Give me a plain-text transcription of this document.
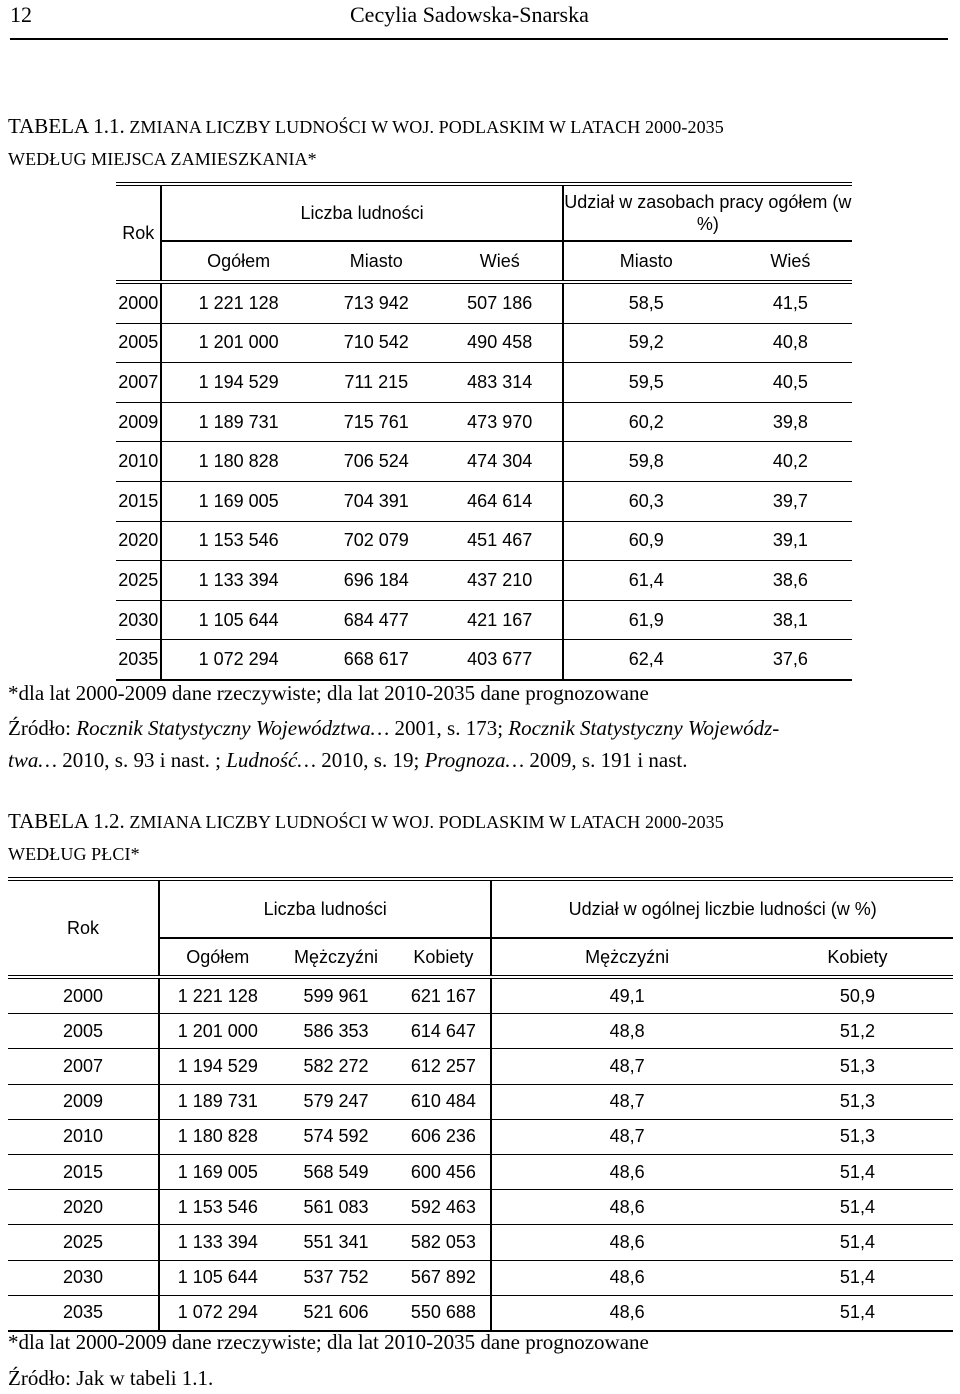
12	Cecylia Sadowska-Snarska
TABELA 1.1. ZMIANA LICZBY LUDNOŚCI W WOJ. PODLASKIM W LATACH 2000-2035
WEDŁUG MIEJSCA ZAMIESZKANIA*
Rok	Liczba ludności			Udział w zasobach pracy ogółem (w %)	
	Ogółem	Miasto	Wieś	Miasto	Wieś
2000	1 221 128	713 942	507 186	58,5	41,5
2005	1 201 000	710 542	490 458	59,2	40,8
2007	1 194 529	711 215	483 314	59,5	40,5
2009	1 189 731	715 761	473 970	60,2	39,8
2010	1 180 828	706 524	474 304	59,8	40,2
2015	1 169 005	704 391	464 614	60,3	39,7
2020	1 153 546	702 079	451 467	60,9	39,1
2025	1 133 394	696 184	437 210	61,4	38,6
2030	1 105 644	684 477	421 167	61,9	38,1
2035	1 072 294	668 617	403 677	62,4	37,6
*dla lat 2000-2009 dane rzeczywiste; dla lat 2010-2035 dane prognozowane
Źródło: Rocznik Statystyczny Województwa… 2001, s. 173; Rocznik Statystyczny Wojewódz-
twa… 2010, s. 93 i nast. ; Ludność… 2010, s. 19; Prognoza… 2009, s. 191 i nast.
TABELA 1.2. ZMIANA LICZBY LUDNOŚCI W WOJ. PODLASKIM W LATACH 2000-2035
WEDŁUG PŁCI*
Rok	Liczba ludności			Udział w ogólnej liczbie ludności (w %)	
	Ogółem	Mężczyźni	Kobiety	Mężczyźni	Kobiety
2000	1 221 128	599 961	621 167	49,1	50,9
2005	1 201 000	586 353	614 647	48,8	51,2
2007	1 194 529	582 272	612 257	48,7	51,3
2009	1 189 731	579 247	610 484	48,7	51,3
2010	1 180 828	574 592	606 236	48,7	51,3
2015	1 169 005	568 549	600 456	48,6	51,4
2020	1 153 546	561 083	592 463	48,6	51,4
2025	1 133 394	551 341	582 053	48,6	51,4
2030	1 105 644	537 752	567 892	48,6	51,4
2035	1 072 294	521 606	550 688	48,6	51,4
*dla lat 2000-2009 dane rzeczywiste; dla lat 2010-2035 dane prognozowane
Źródło: Jak w tabeli 1.1.
